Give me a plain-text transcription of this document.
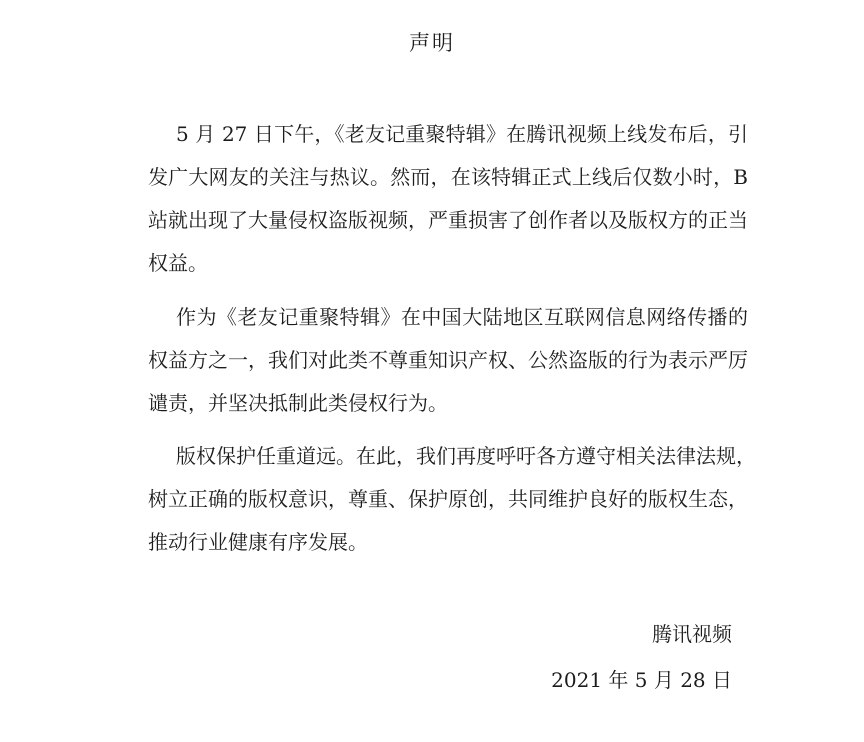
声明
5 月 27 日下午，《老友记重聚特辑》在腾讯视频上线发布后，引
发广大网友的关注与热议。然而，在该特辑正式上线后仅数小时，B
站就出现了大量侵权盗版视频，严重损害了创作者以及版权方的正当
权益。
作为《老友记重聚特辑》在中国大陆地区互联网信息网络传播的
权益方之一，我们对此类不尊重知识产权、公然盗版的行为表示严厉
谴责，并坚决抵制此类侵权行为。
版权保护任重道远。在此，我们再度呼吁各方遵守相关法律法规，
树立正确的版权意识，尊重、保护原创，共同维护良好的版权生态，
推动行业健康有序发展。
腾讯视频
2021 年 5 月 28 日
